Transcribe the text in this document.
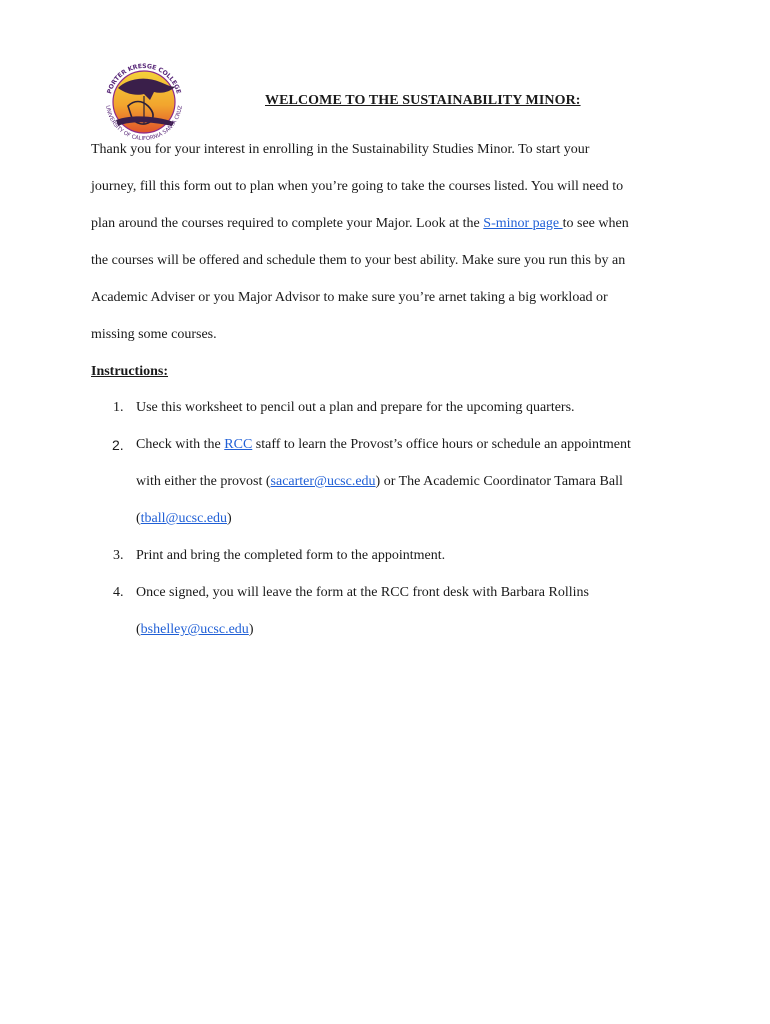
PORTER KRESGE COLLEGE
UNIVERSITY OF CALIFORNIA SANTA CRUZ	WELCOME TO THE SUSTAINABILITY MINOR:
Thank you for your interest in enrolling in the Sustainability Studies Minor. To start your
journey, fill this form out to plan when you’re going to take the courses listed. You will need to
plan around the courses required to complete your Major. Look at the S-minor page to see when
the courses will be offered and schedule them to your best ability. Make sure you run this by an
Academic Adviser or you Major Advisor to make sure you’re arnet taking a big workload or
missing some courses.
Instructions:
1. Use this worksheet to pencil out a plan and prepare for the upcoming quarters.
2. Check with the RCC staff to learn the Provost’s office hours or schedule an appointment
with either the provost (sacarter@ucsc.edu) or The Academic Coordinator Tamara Ball
(tball@ucsc.edu)
3. Print and bring the completed form to the appointment.
4. Once signed, you will leave the form at the RCC front desk with Barbara Rollins
(bshelley@ucsc.edu)
